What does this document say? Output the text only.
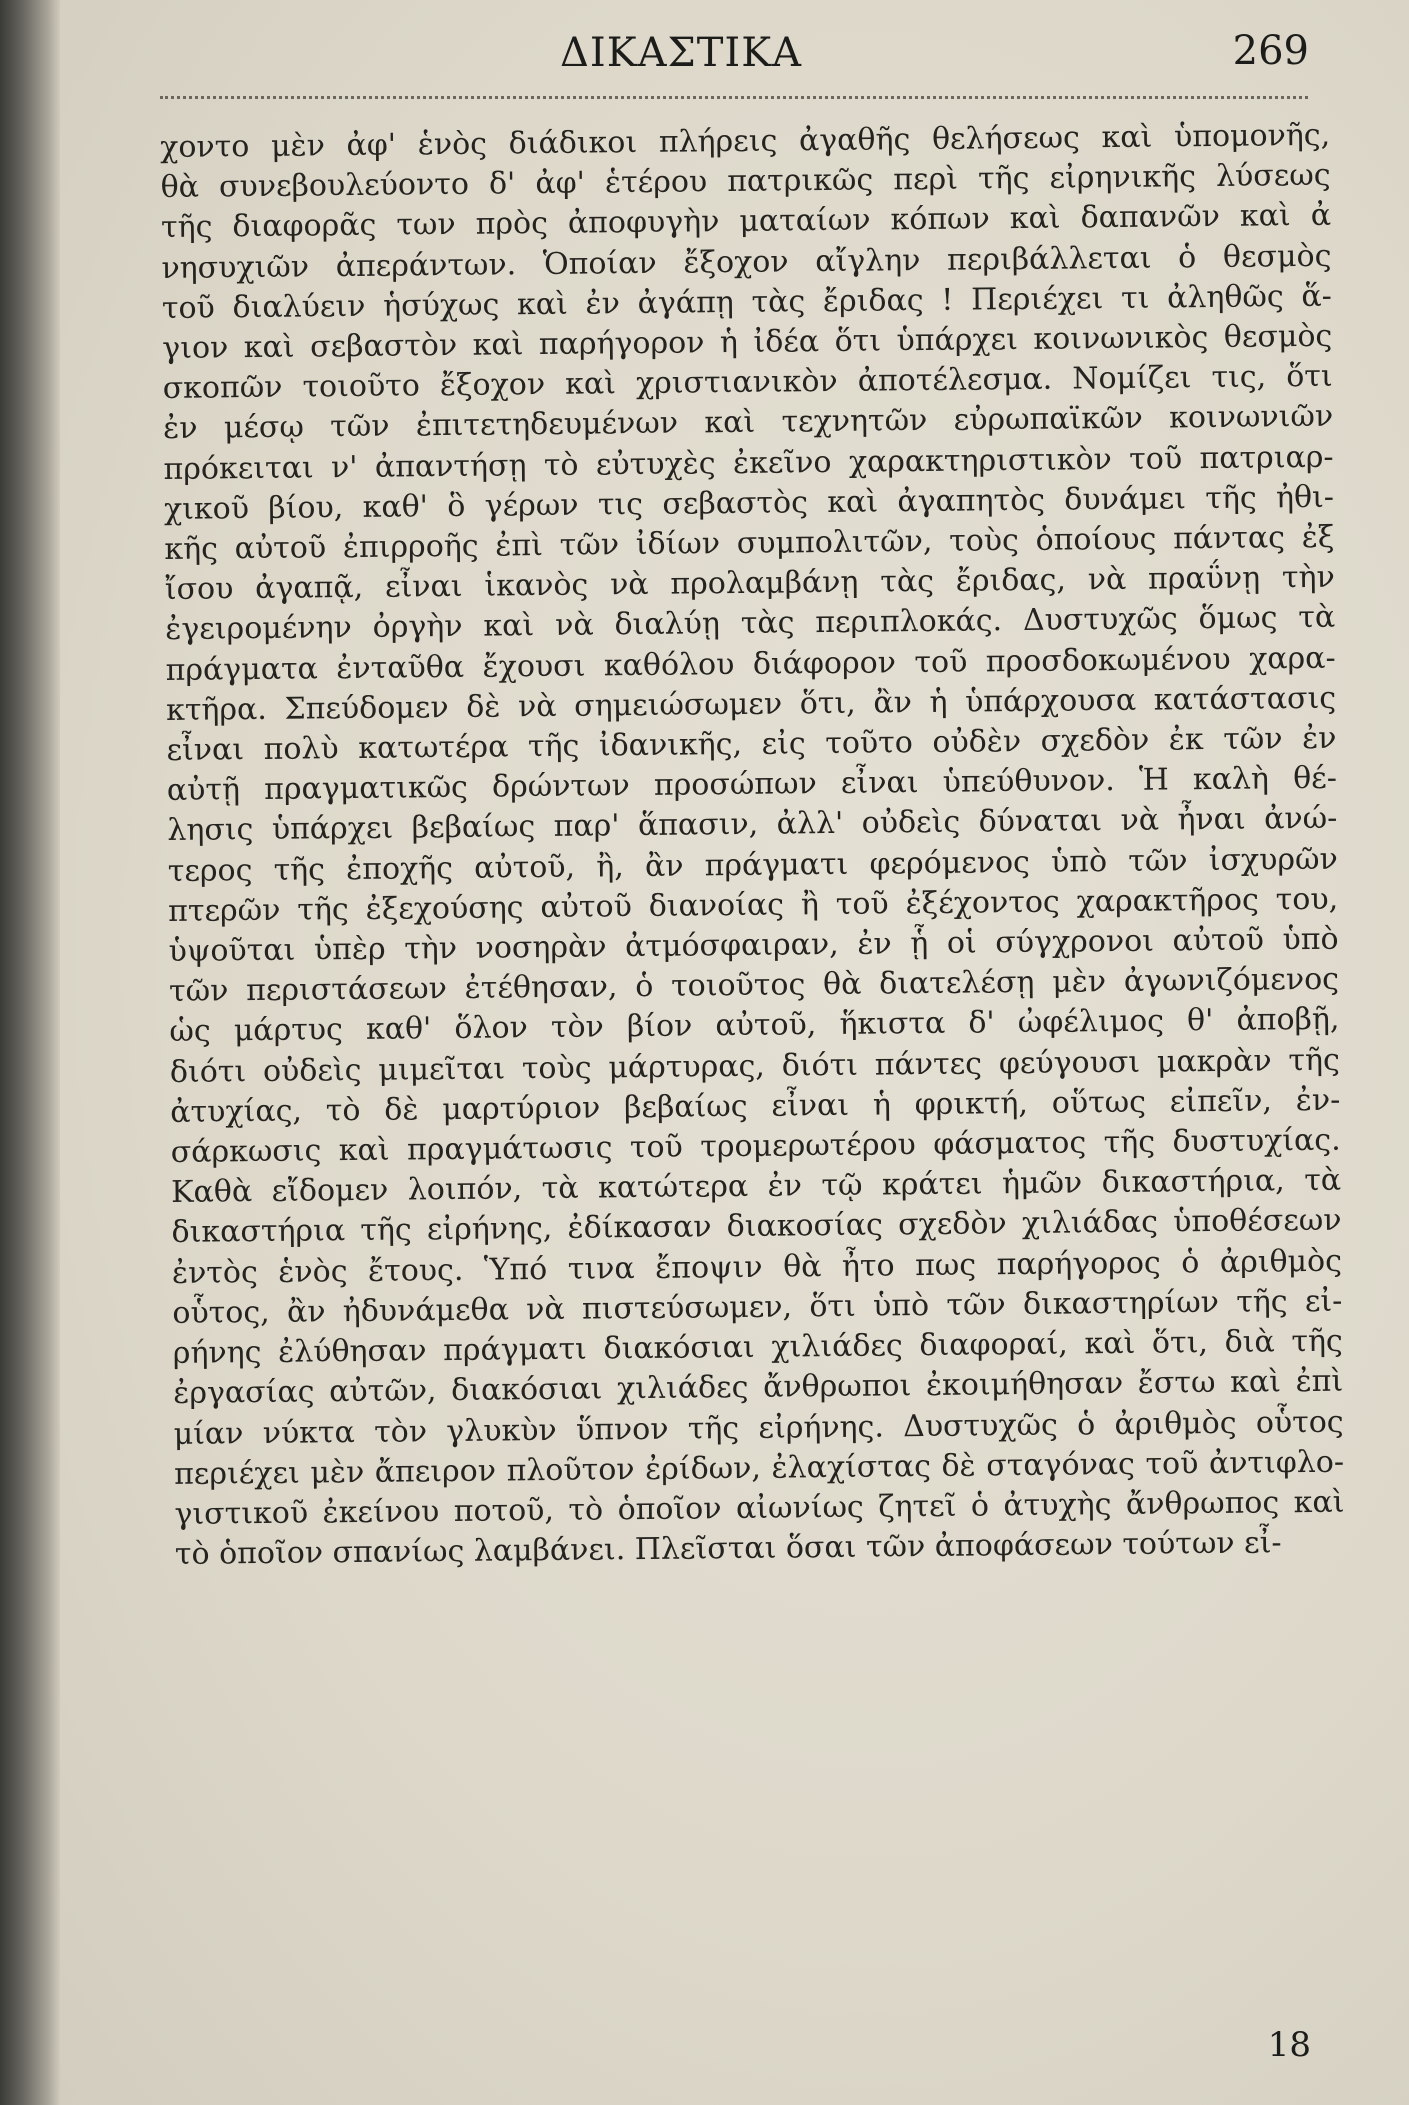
ΔΙΚΑΣΤΙΚΑ	269
χοντο μὲν ἀφ' ἑνὸς διάδικοι πλήρεις ἀγαθῆς θελήσεως καὶ ὑπομονῆς,
θὰ συνεβουλεύοντο δ' ἀφ' ἑτέρου πατρικῶς περὶ τῆς εἰρηνικῆς λύσεως
τῆς διαφορᾶς των πρὸς ἀποφυγὴν ματαίων κόπων καὶ δαπανῶν καὶ ἀ
νησυχιῶν ἀπεράντων. Ὁποίαν ἔξοχον αἴγλην περιβάλλεται ὁ θεσμὸς
τοῦ διαλύειν ἡσύχως καὶ ἐν ἀγάπῃ τὰς ἔριδας ! Περιέχει τι ἀληθῶς ἅ-
γιον καὶ σεβαστὸν καὶ παρήγορον ἡ ἰδέα ὅτι ὑπάρχει κοινωνικὸς θεσμὸς
σκοπῶν τοιοῦτο ἔξοχον καὶ χριστιανικὸν ἀποτέλεσμα. Νομίζει τις, ὅτι
ἐν μέσῳ τῶν ἐπιτετηδευμένων καὶ τεχνητῶν εὐρωπαϊκῶν κοινωνιῶν
πρόκειται ν' ἀπαντήσῃ τὸ εὐτυχὲς ἐκεῖνο χαρακτηριστικὸν τοῦ πατριαρ-
χικοῦ βίου, καθ' ὃ γέρων τις σεβαστὸς καὶ ἀγαπητὸς δυνάμει τῆς ἠθι-
κῆς αὐτοῦ ἐπιρροῆς ἐπὶ τῶν ἰδίων συμπολιτῶν, τοὺς ὁποίους πάντας ἐξ
ἴσου ἀγαπᾷ, εἶναι ἱκανὸς νὰ προλαμβάνῃ τὰς ἔριδας, νὰ πραΰνῃ τὴν
ἐγειρομένην ὀργὴν καὶ νὰ διαλύῃ τὰς περιπλοκάς. Δυστυχῶς ὅμως τὰ
πράγματα ἐνταῦθα ἔχουσι καθόλου διάφορον τοῦ προσδοκωμένου χαρα-
κτῆρα. Σπεύδομεν δὲ νὰ σημειώσωμεν ὅτι, ἂν ἡ ὑπάρχουσα κατάστασις
εἶναι πολὺ κατωτέρα τῆς ἰδανικῆς, εἰς τοῦτο οὐδὲν σχεδὸν ἐκ τῶν ἐν
αὐτῇ πραγματικῶς δρώντων προσώπων εἶναι ὑπεύθυνον. Ἡ καλὴ θέ-
λησις ὑπάρχει βεβαίως παρ' ἅπασιν, ἀλλ' οὐδεὶς δύναται νὰ ἦναι ἀνώ-
τερος τῆς ἐποχῆς αὐτοῦ, ἢ, ἂν πράγματι φερόμενος ὑπὸ τῶν ἰσχυρῶν
πτερῶν τῆς ἐξεχούσης αὐτοῦ διανοίας ἢ τοῦ ἐξέχοντος χαρακτῆρος του,
ὑψοῦται ὑπὲρ τὴν νοσηρὰν ἀτμόσφαιραν, ἐν ᾗ οἱ σύγχρονοι αὐτοῦ ὑπὸ
τῶν περιστάσεων ἐτέθησαν, ὁ τοιοῦτος θὰ διατελέσῃ μὲν ἀγωνιζόμενος
ὡς μάρτυς καθ' ὅλον τὸν βίον αὐτοῦ, ἥκιστα δ' ὠφέλιμος θ' ἀποβῇ,
διότι οὐδεὶς μιμεῖται τοὺς μάρτυρας, διότι πάντες φεύγουσι μακρὰν τῆς
ἀτυχίας, τὸ δὲ μαρτύριον βεβαίως εἶναι ἡ φρικτή, οὕτως εἰπεῖν, ἐν-
σάρκωσις καὶ πραγμάτωσις τοῦ τρομερωτέρου φάσματος τῆς δυστυχίας.
Καθὰ εἴδομεν λοιπόν, τὰ κατώτερα ἐν τῷ κράτει ἡμῶν δικαστήρια, τὰ
δικαστήρια τῆς εἰρήνης, ἐδίκασαν διακοσίας σχεδὸν χιλιάδας ὑποθέσεων
ἐντὸς ἑνὸς ἔτους. Ὑπό τινα ἔποψιν θὰ ἦτο πως παρήγορος ὁ ἀριθμὸς
οὗτος, ἂν ἠδυνάμεθα νὰ πιστεύσωμεν, ὅτι ὑπὸ τῶν δικαστηρίων τῆς εἰ-
ρήνης ἐλύθησαν πράγματι διακόσιαι χιλιάδες διαφοραί, καὶ ὅτι, διὰ τῆς
ἐργασίας αὐτῶν, διακόσιαι χιλιάδες ἄνθρωποι ἐκοιμήθησαν ἔστω καὶ ἐπὶ
μίαν νύκτα τὸν γλυκὺν ὕπνον τῆς εἰρήνης. Δυστυχῶς ὁ ἀριθμὸς οὗτος
περιέχει μὲν ἄπειρον πλοῦτον ἐρίδων, ἐλαχίστας δὲ σταγόνας τοῦ ἀντιφλο-
γιστικοῦ ἐκείνου ποτοῦ, τὸ ὁποῖον αἰωνίως ζητεῖ ὁ ἀτυχὴς ἄνθρωπος καὶ
τὸ ὁποῖον σπανίως λαμβάνει. Πλεῖσται ὅσαι τῶν ἀποφάσεων τούτων εἶ-
18
